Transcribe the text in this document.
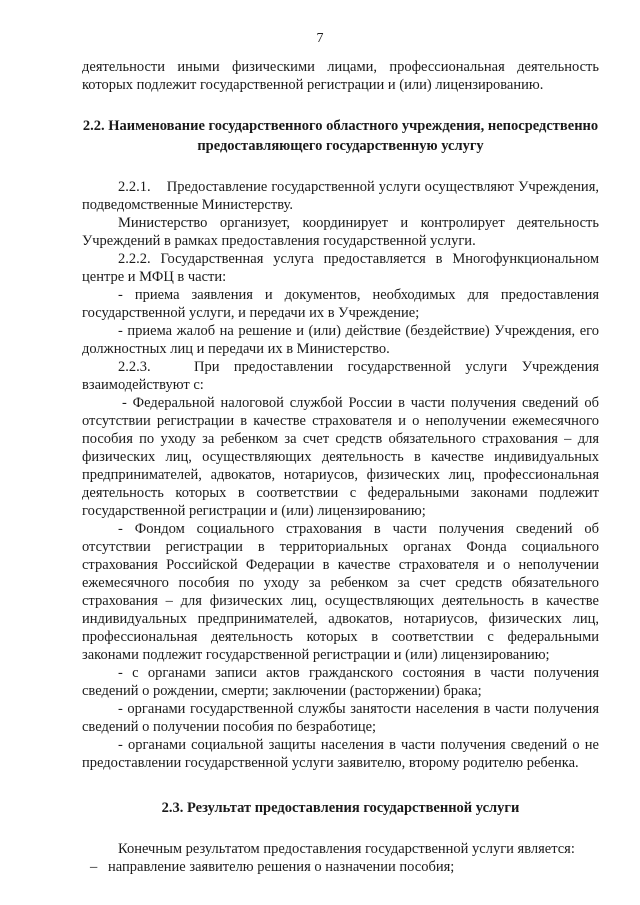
7

деятельности иными физическими лицами, профессиональная деятельность которых подлежит государственной регистрации и (или) лицензированию.

2.2. Наименование государственного областного учреждения, непосредственно предоставляющего государственную услугу

2.2.1.    Предоставление государственной услуги осуществляют Учреждения, подведомственные Министерству.

Министерство организует, координирует и контролирует деятельность Учреждений в рамках предоставления государственной услуги.

2.2.2. Государственная услуга предоставляется в Многофункциональном центре и МФЦ в части:

- приема заявления и документов, необходимых для предоставления государственной услуги, и передачи их в Учреждение;

- приема жалоб на решение и (или) действие (бездействие) Учреждения, его должностных лиц и передачи их в Министерство.

2.2.3.   При предоставлении государственной услуги Учреждения взаимодействуют с:

- Федеральной налоговой службой России в части получения сведений об отсутствии регистрации в качестве страхователя и о неполучении ежемесячного пособия по уходу за ребенком за счет средств обязательного страхования – для физических лиц, осуществляющих деятельность в качестве индивидуальных предпринимателей, адвокатов, нотариусов, физических лиц, профессиональная деятельность которых в соответствии с федеральными законами подлежит государственной регистрации и (или) лицензированию;

- Фондом социального страхования в части получения сведений об отсутствии регистрации в территориальных органах Фонда социального страхования Российской Федерации в качестве страхователя и о неполучении ежемесячного пособия по уходу за ребенком за счет средств обязательного страхования – для физических лиц, осуществляющих деятельность в качестве индивидуальных предпринимателей, адвокатов, нотариусов, физических лиц, профессиональная деятельность которых в соответствии с федеральными законами подлежит государственной регистрации и (или) лицензированию;

- с органами записи актов гражданского состояния в части получения сведений о рождении, смерти; заключении (расторжении) брака;

- органами государственной службы занятости населения в части получения сведений о получении пособия по безработице;

- органами социальной защиты населения в части получения сведений о не предоставлении государственной услуги заявителю, второму родителю ребенка.

2.3. Результат предоставления государственной услуги

Конечным результатом предоставления государственной услуги является:

– направление заявителю решения о назначении пособия;
